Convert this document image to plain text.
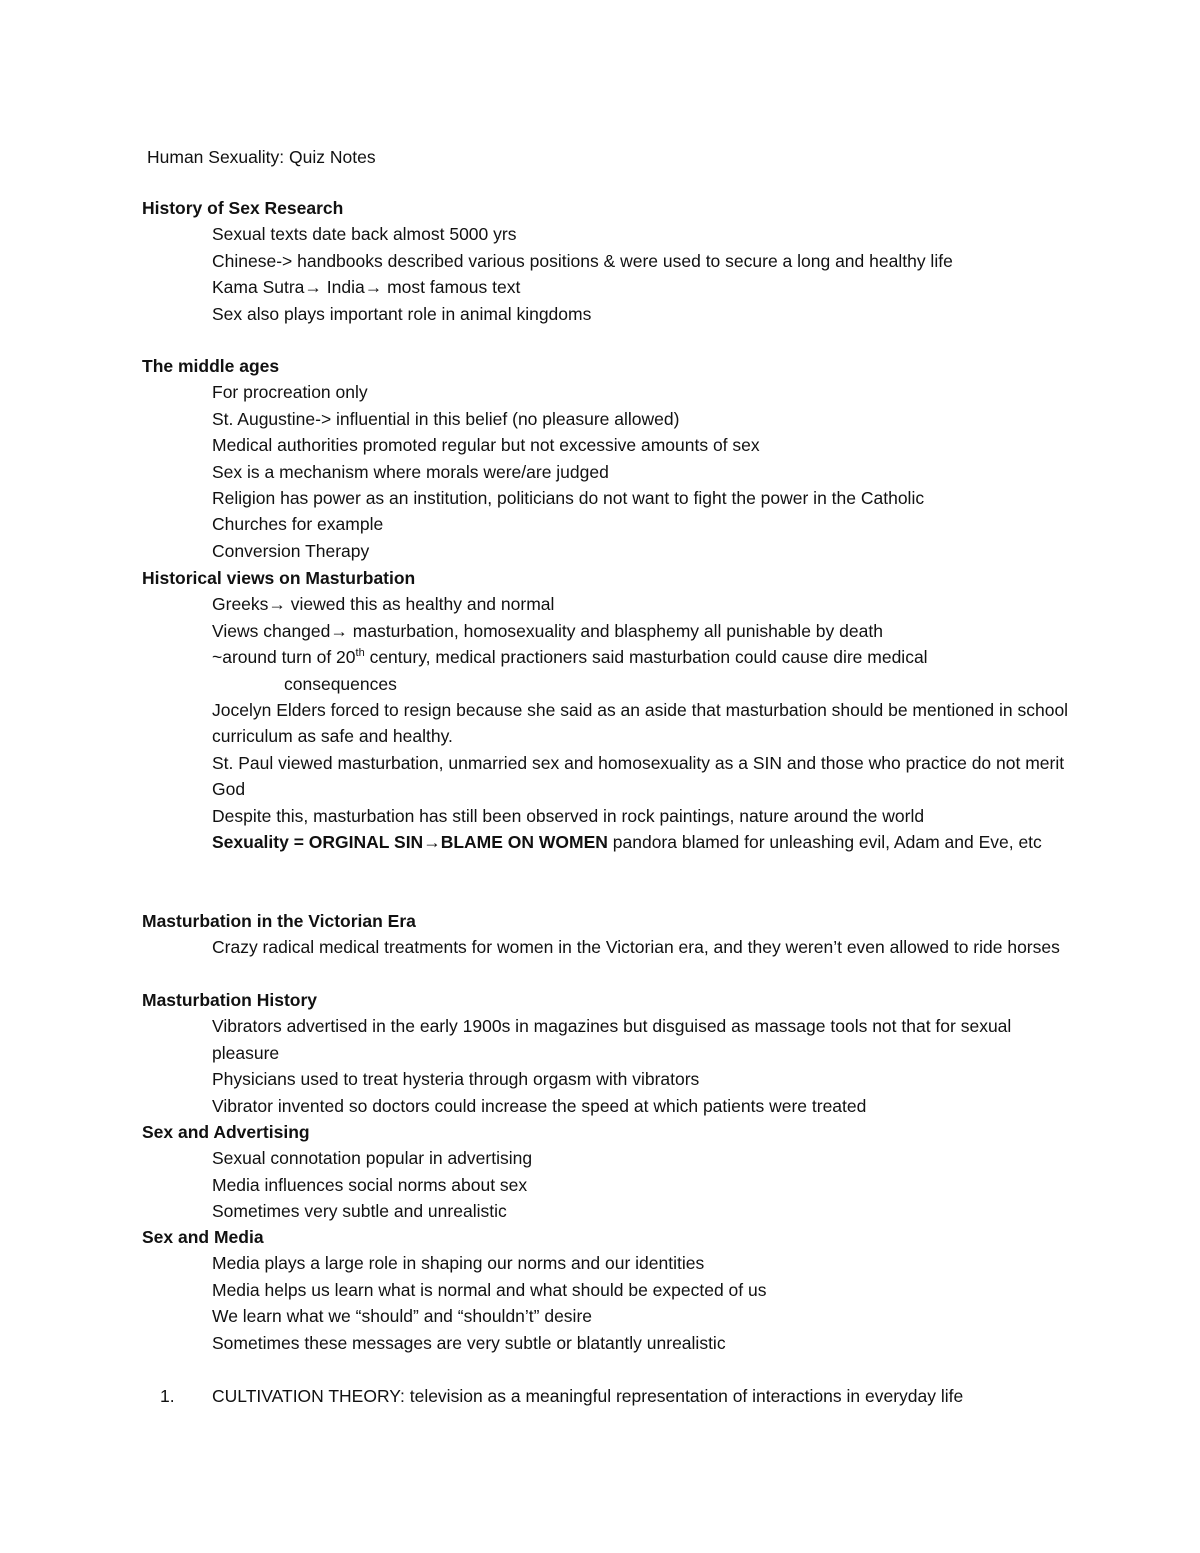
Human Sexuality: Quiz Notes
History of Sex Research
Sexual texts date back almost 5000 yrs
Chinese-> handbooks described various positions & were used to secure a long and healthy life
Kama Sutra→ India→ most famous text
Sex also plays important role in animal kingdoms
The middle ages
For procreation only
St. Augustine-> influential in this belief (no pleasure allowed)
Medical authorities promoted regular but not excessive amounts of sex
Sex is a mechanism where morals were/are judged
Religion has power as an institution, politicians do not want to fight the power in the Catholic
Churches for example
Conversion Therapy
Historical views on Masturbation
Greeks→ viewed this as healthy and normal
Views changed→ masturbation, homosexuality and blasphemy all punishable by death
~around turn of 20th century, medical practioners said masturbation could cause dire medical
consequences
Jocelyn Elders forced to resign because she said as an aside that masturbation should be mentioned in school curriculum as safe and healthy.
St. Paul viewed masturbation, unmarried sex and homosexuality as a SIN and those who practice do not merit God
Despite this, masturbation has still been observed in rock paintings, nature around the world
Sexuality = ORGINAL SIN→BLAME ON WOMEN pandora blamed for unleashing evil, Adam and Eve, etc
Masturbation in the Victorian Era
Crazy radical medical treatments for women in the Victorian era, and they weren’t even allowed to ride horses
Masturbation History
Vibrators advertised in the early 1900s in magazines but disguised as massage tools not that for sexual pleasure
Physicians used to treat hysteria through orgasm with vibrators
Vibrator invented so doctors could increase the speed at which patients were treated
Sex and Advertising
Sexual connotation popular in advertising
Media influences social norms about sex
Sometimes very subtle and unrealistic
Sex and Media
Media plays a large role in shaping our norms and our identities
Media helps us learn what is normal and what should be expected of us
We learn what we “should” and “shouldn’t” desire
Sometimes these messages are very subtle or blatantly unrealistic
1. CULTIVATION THEORY: television as a meaningful representation of interactions in everyday life
